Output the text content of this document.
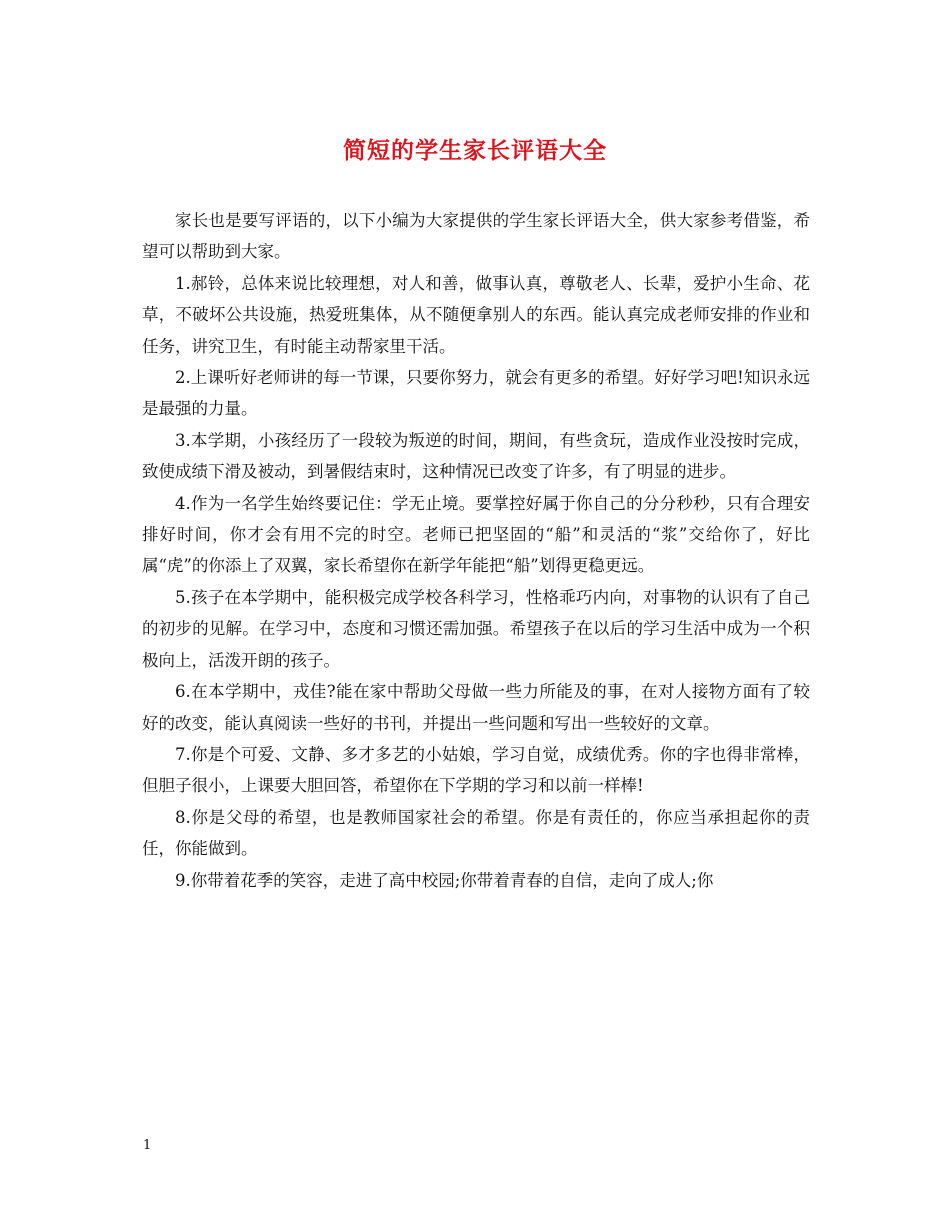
简短的学生家长评语大全

家长也是要写评语的，以下小编为大家提供的学生家长评语大全，供大家参考借鉴，希望可以帮助到大家。

1.郝铃，总体来说比较理想，对人和善，做事认真，尊敬老人、长辈，爱护小生命、花草，不破坏公共设施，热爱班集体，从不随便拿别人的东西。能认真完成老师安排的作业和任务，讲究卫生，有时能主动帮家里干活。

2.上课听好老师讲的每一节课，只要你努力，就会有更多的希望。好好学习吧!知识永远是最强的力量。

3.本学期，小孩经历了一段较为叛逆的时间，期间，有些贪玩，造成作业没按时完成，致使成绩下滑及被动，到暑假结束时，这种情况已改变了许多，有了明显的进步。

4.作为一名学生始终要记住：学无止境。要掌控好属于你自己的分分秒秒，只有合理安排好时间，你才会有用不完的时空。老师已把坚固的“船”和灵活的“浆”交给你了，好比属“虎”的你添上了双翼，家长希望你在新学年能把“船”划得更稳更远。

5.孩子在本学期中，能积极完成学校各科学习，性格乖巧内向，对事物的认识有了自己的初步的见解。在学习中，态度和习惯还需加强。希望孩子在以后的学习生活中成为一个积极向上，活泼开朗的孩子。

6.在本学期中，戎佳?能在家中帮助父母做一些力所能及的事，在对人接物方面有了较好的改变，能认真阅读一些好的书刊，并提出一些问题和写出一些较好的文章。

7.你是个可爱、文静、多才多艺的小姑娘，学习自觉，成绩优秀。你的字也得非常棒，但胆子很小，上课要大胆回答，希望你在下学期的学习和以前一样棒!

8.你是父母的希望，也是教师国家社会的希望。你是有责任的，你应当承担起你的责任，你能做到。

9.你带着花季的笑容，走进了高中校园;你带着青春的自信，走向了成人;你

1
